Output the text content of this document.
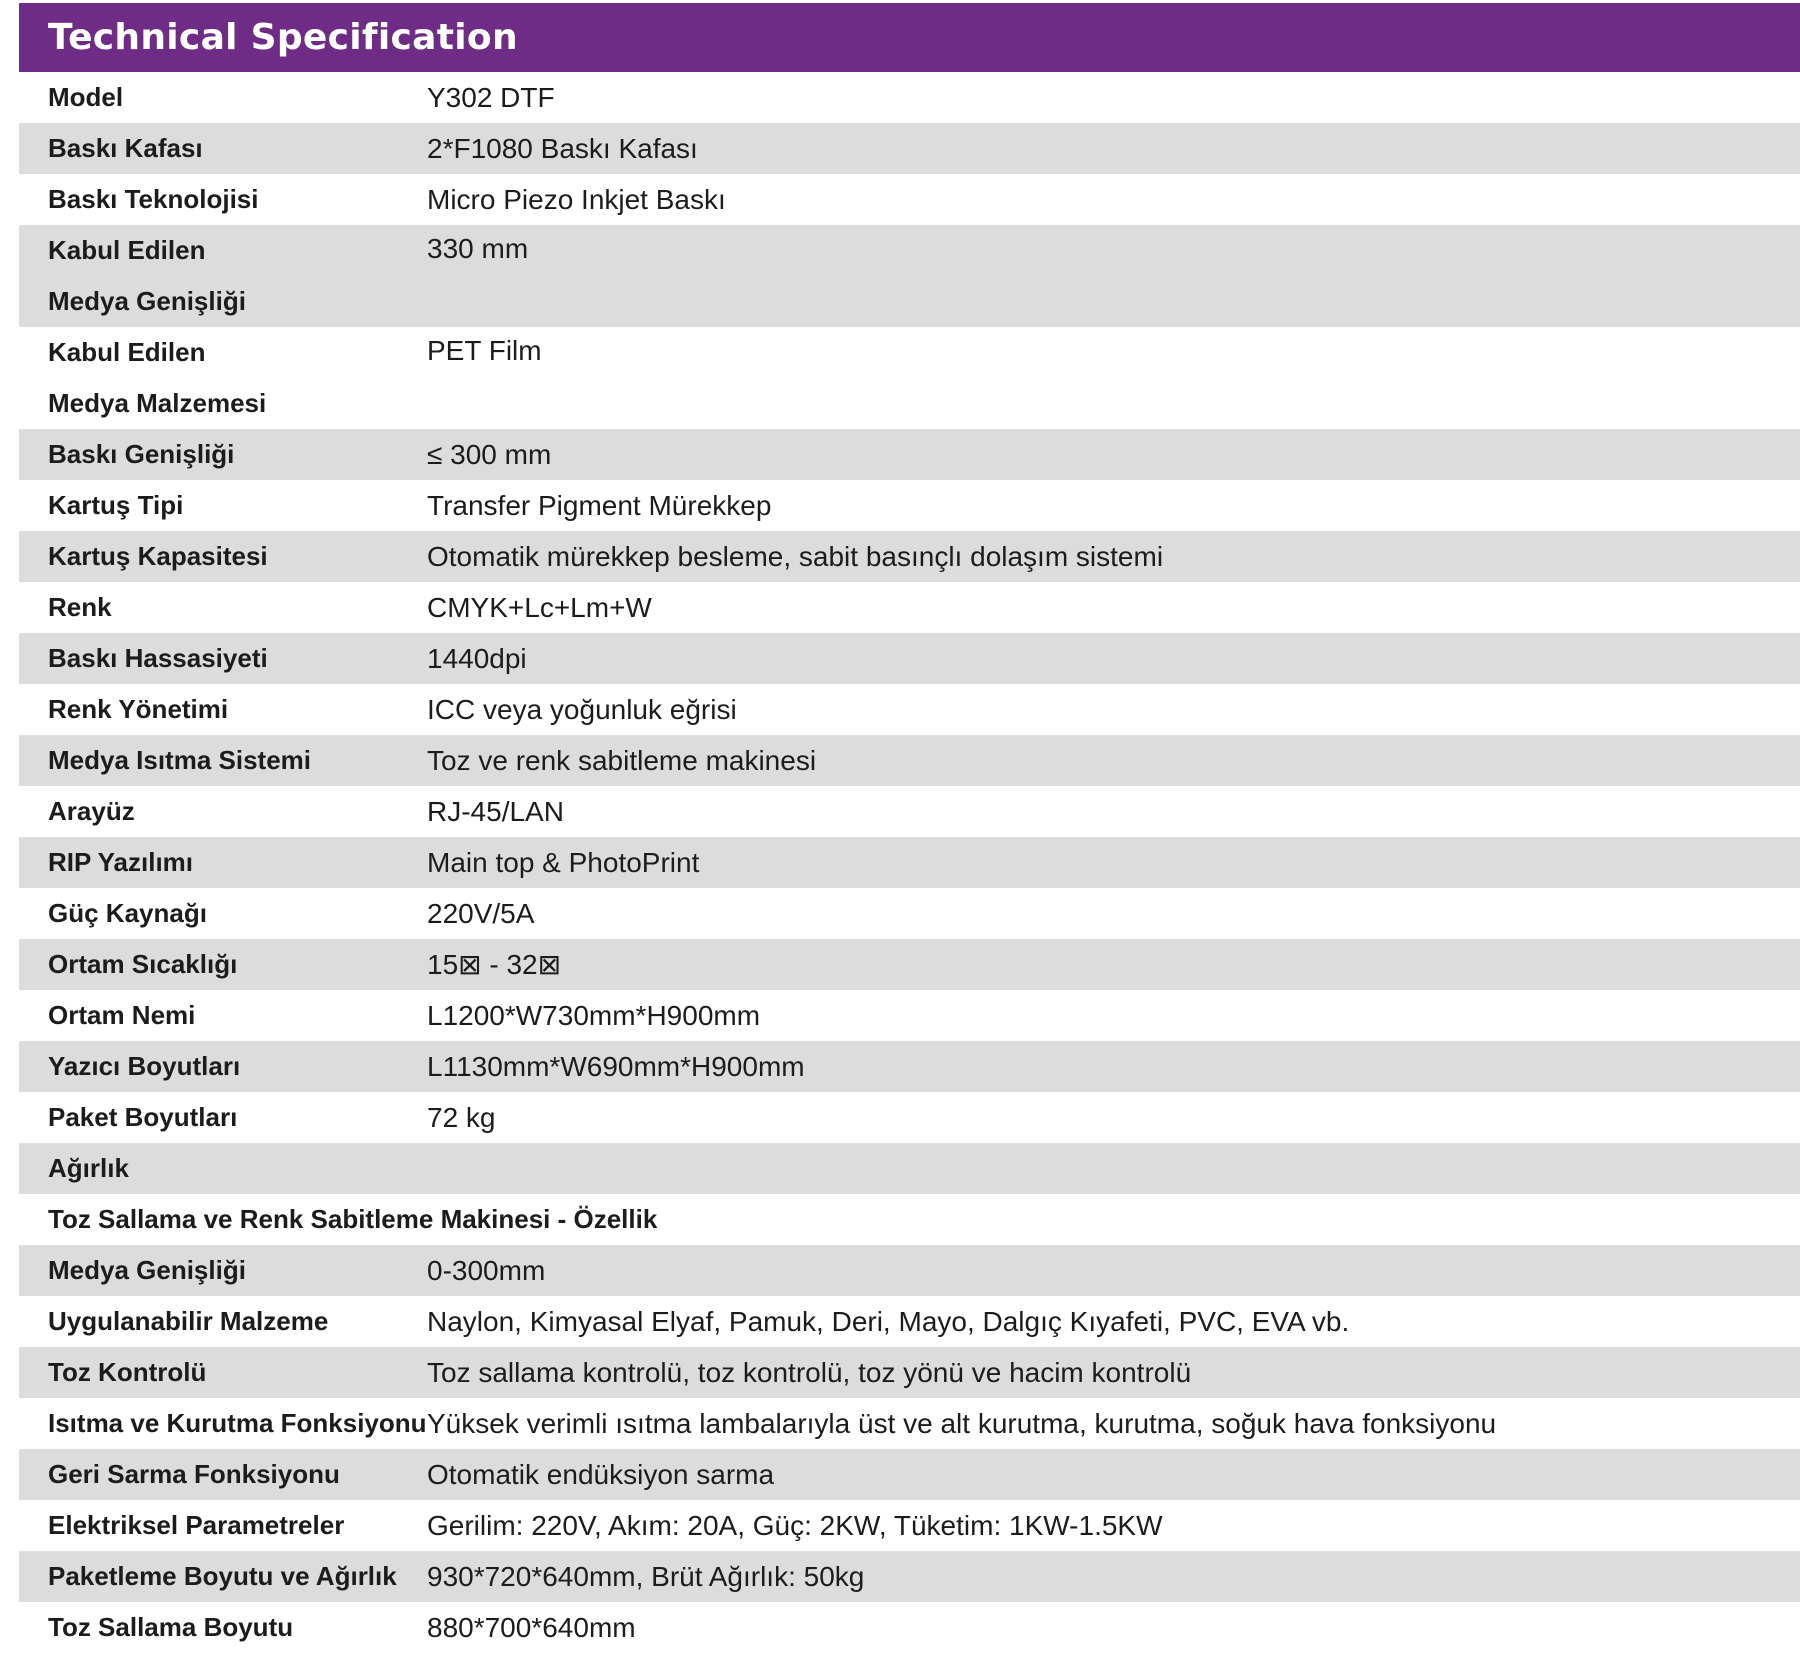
Technical Specification
Model	Y302 DTF

Baskı Kafası	2*F1080 Baskı Kafası

Baskı Teknolojisi	Micro Piezo Inkjet Baskı

Kabul Edilen
Medya Genişliği	330 mm

Kabul Edilen
Medya Malzemesi	PET Film

Baskı Genişliği	≤ 300 mm

Kartuş Tipi	Transfer Pigment Mürekkep

Kartuş Kapasitesi	Otomatik mürekkep besleme, sabit basınçlı dolaşım sistemi

Renk	CMYK+Lc+Lm+W

Baskı Hassasiyeti	1440dpi

Renk Yönetimi	ICC veya yoğunluk eğrisi

Medya Isıtma Sistemi	Toz ve renk sabitleme makinesi

Arayüz	RJ-45/LAN

RIP Yazılımı	Main top & PhotoPrint

Güç Kaynağı	220V/5A

Ortam Sıcaklığı	15⊠ - 32⊠

Ortam Nemi	L1200*W730mm*H900mm

Yazıcı Boyutları	L1130mm*W690mm*H900mm

Paket Boyutları	72 kg

Ağırlık	

Toz Sallama ve Renk Sabitleme Makinesi - Özellik	
Medya Genişliği	0-300mm
Uygulanabilir Malzeme	Naylon, Kimyasal Elyaf, Pamuk, Deri, Mayo, Dalgıç Kıyafeti, PVC, EVA vb.
Toz Kontrolü	Toz sallama kontrolü, toz kontrolü, toz yönü ve hacim kontrolü
Isıtma ve Kurutma Fonksiyonu	Yüksek verimli ısıtma lambalarıyla üst ve alt kurutma, kurutma, soğuk hava fonksiyonu
Geri Sarma Fonksiyonu	Otomatik endüksiyon sarma
Elektriksel Parametreler	Gerilim: 220V, Akım: 20A, Güç: 2KW, Tüketim: 1KW-1.5KW
Paketleme Boyutu ve Ağırlık	930*720*640mm, Brüt Ağırlık: 50kg
Toz Sallama Boyutu	880*700*640mm
